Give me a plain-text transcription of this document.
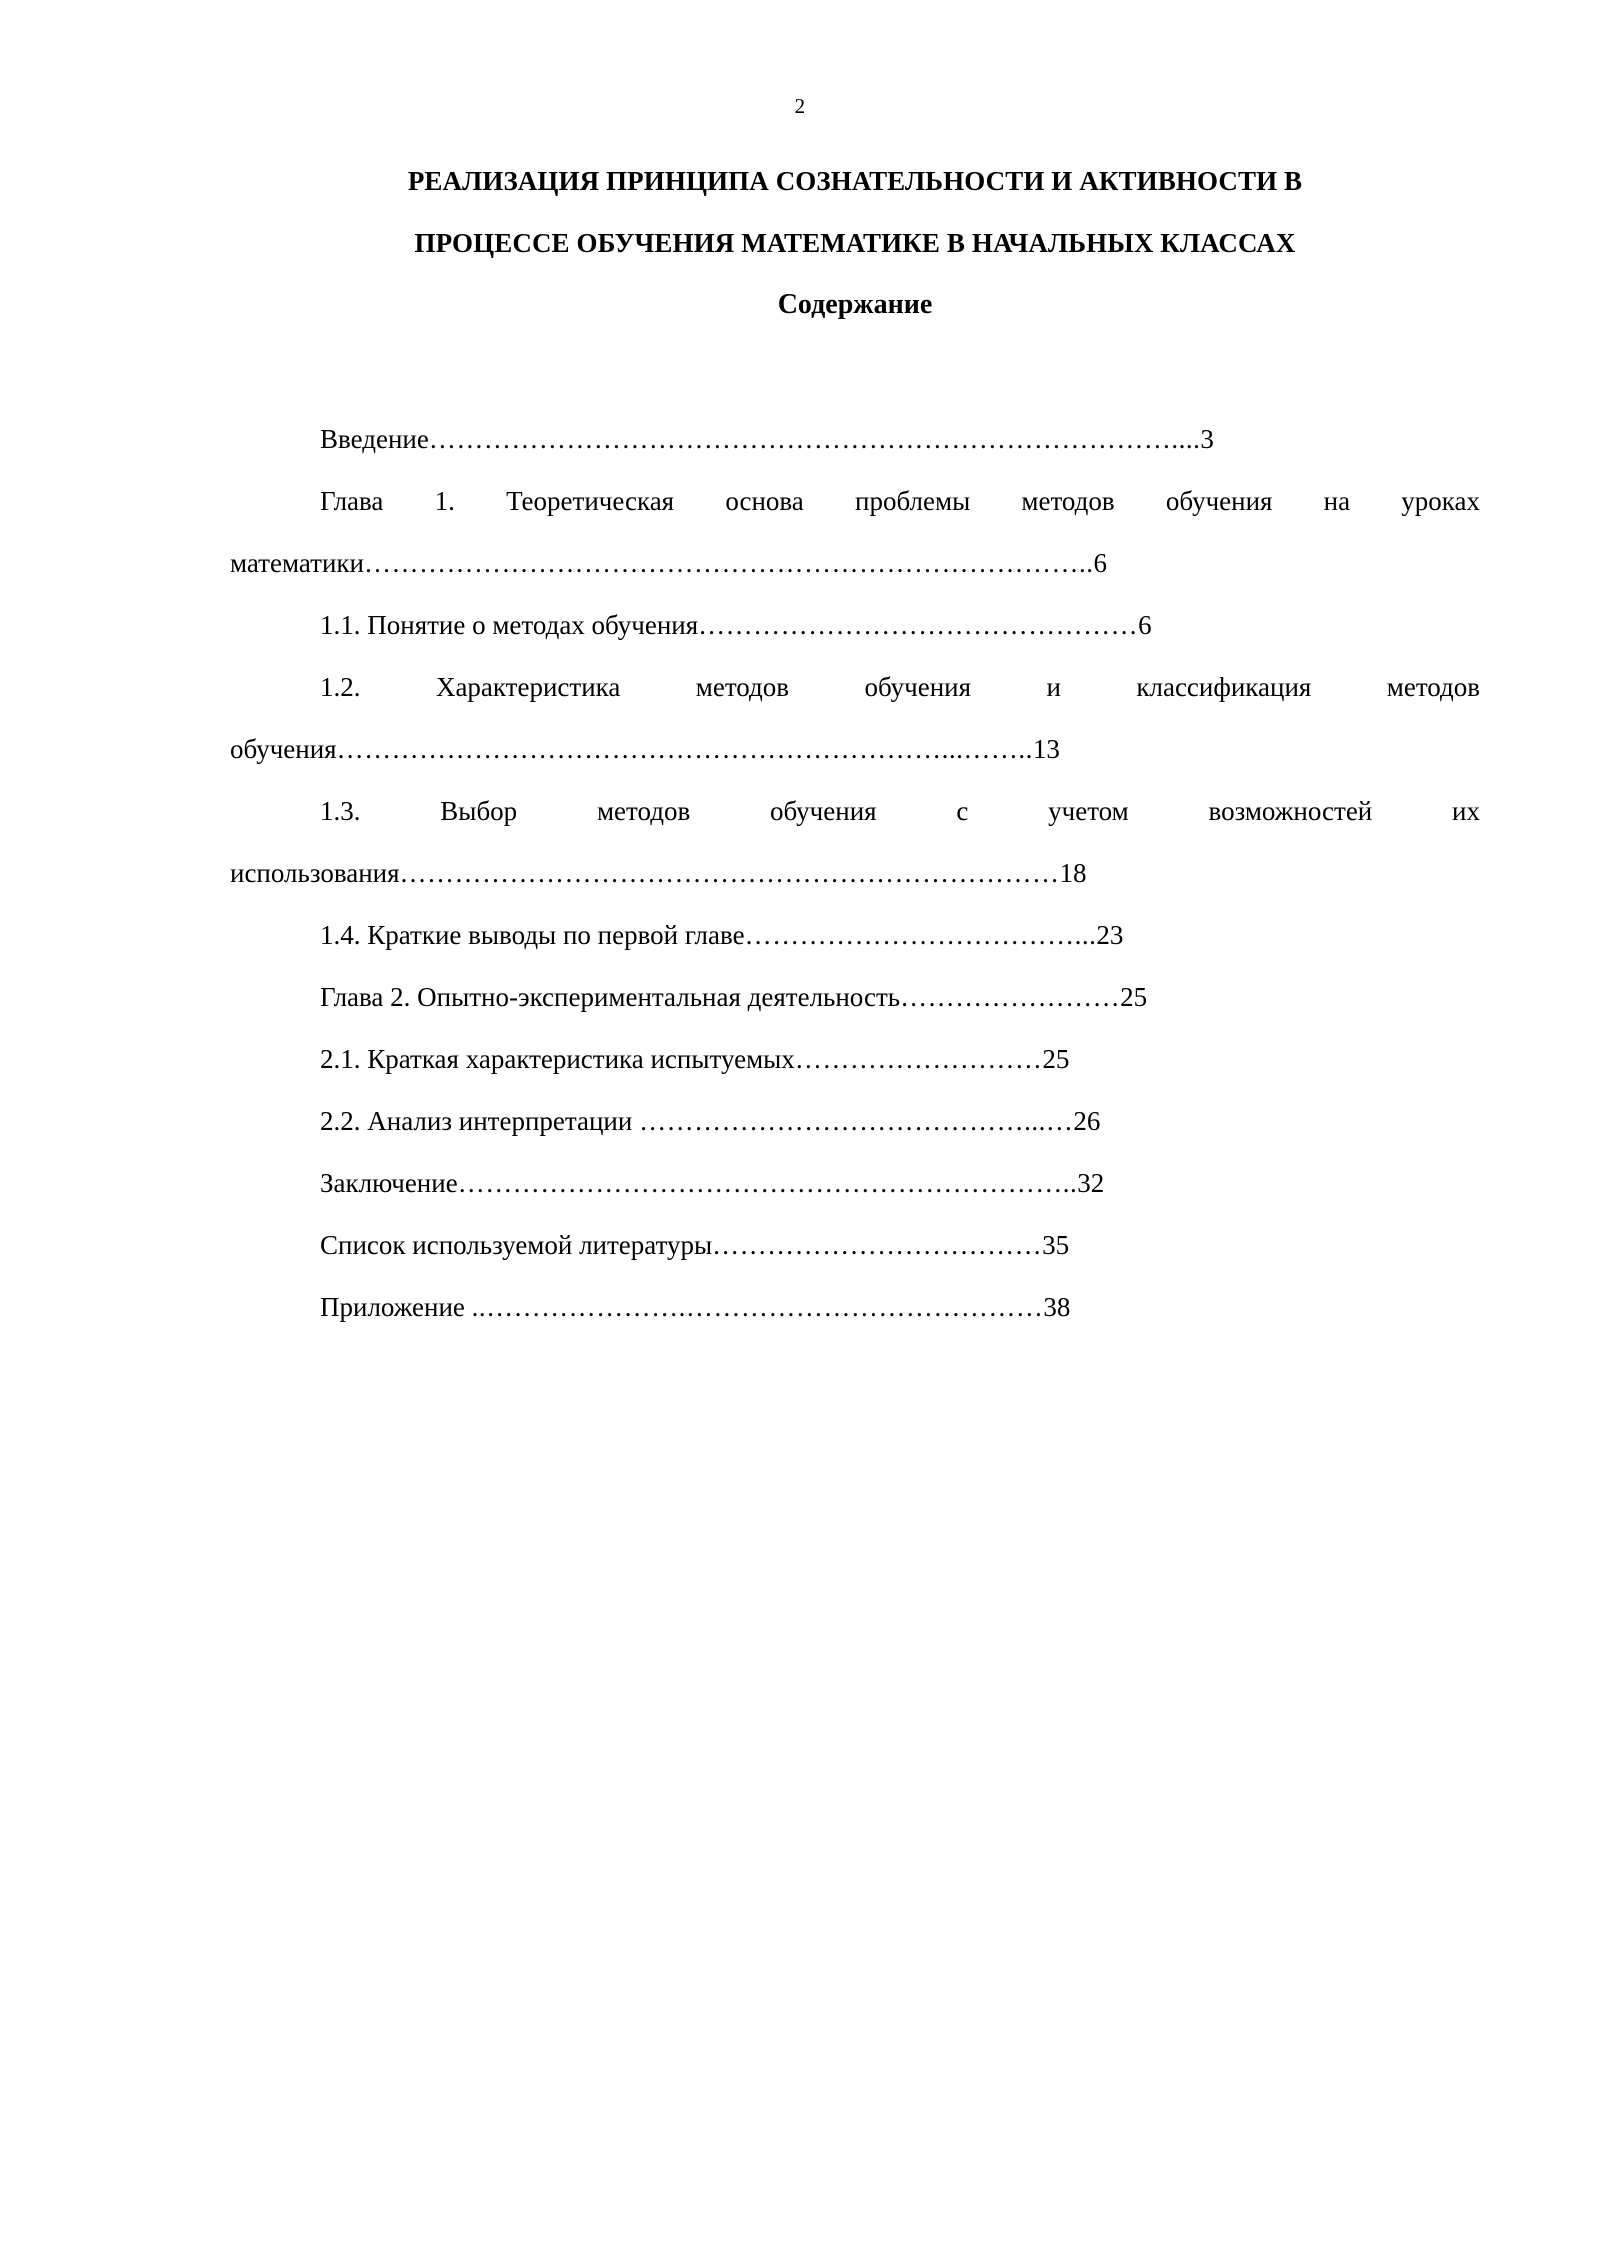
2
РЕАЛИЗАЦИЯ ПРИНЦИПА СОЗНАТЕЛЬНОСТИ И АКТИВНОСТИ В
ПРОЦЕССЕ ОБУЧЕНИЯ МАТЕМАТИКЕ В НАЧАЛЬНЫХ КЛАССАХ
Содержание

Введение………………………………………………………………………....3

Глава 1. Теоретическая основа проблемы методов обучения на уроках математики……………………………………………………………………..6

1.1. Понятие о методах обучения…………………………………………6

1.2. Характеристика методов обучения и классификация методов обучения…………………………………………………………...……..13

1.3. Выбор методов обучения с учетом возможностей их использования………………………………………………………………18

1.4. Краткие выводы по первой главе………………………………...23

Глава 2. Опытно-экспериментальная деятельность……………………25

2.1. Краткая характеристика испытуемых………………………25

2.2. Анализ интерпретации ……………………………………...…26

Заключение…………………………………………………………..32

Список используемой литературы………………………………35

Приложение ..………………….…………………………………38
